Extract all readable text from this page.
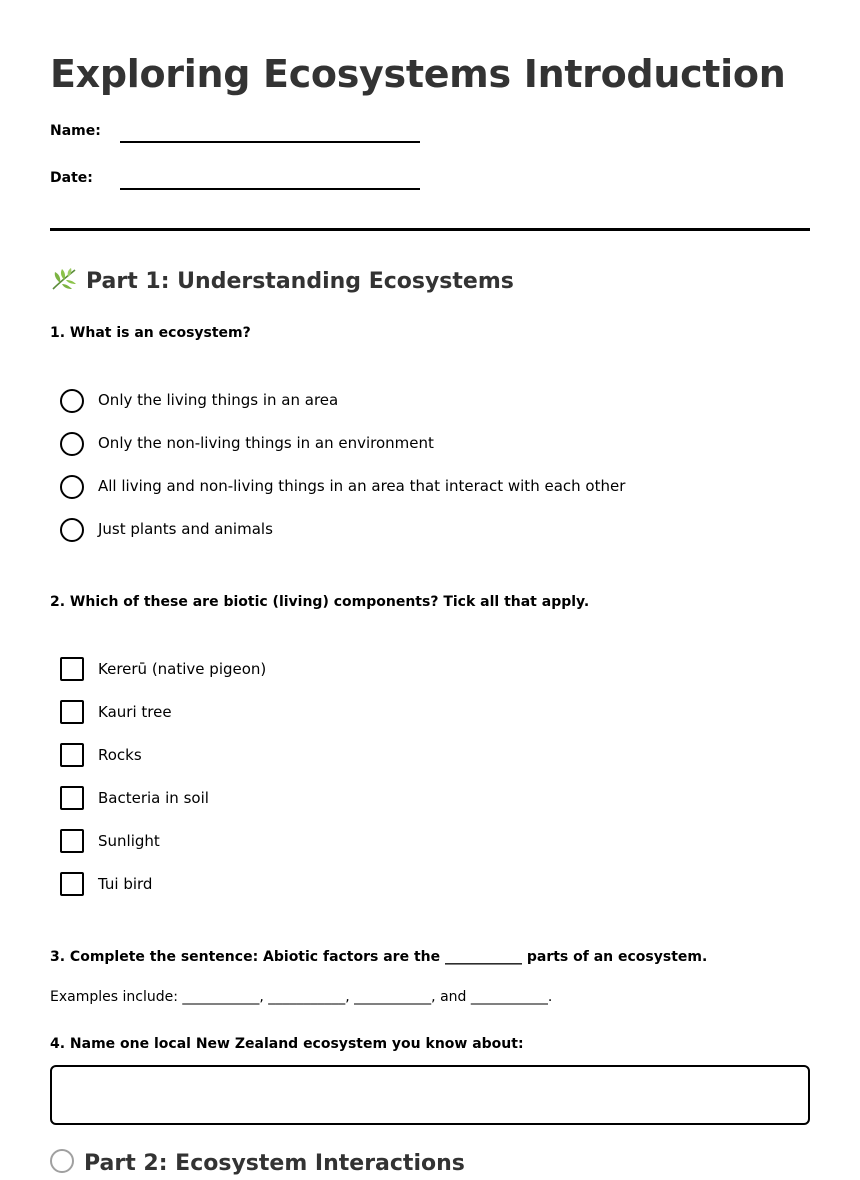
Exploring Ecosystems Introduction
Name:
Date:
Part 1: Understanding Ecosystems
1. What is an ecosystem?
Only the living things in an area
Only the non-living things in an environment
All living and non-living things in an area that interact with each other
Just plants and animals
2. Which of these are biotic (living) components? Tick all that apply.
Kererū (native pigeon)
Kauri tree
Rocks
Bacteria in soil
Sunlight
Tui bird
3. Complete the sentence: Abiotic factors are the ___________ parts of an ecosystem.
Examples include: ___________, ___________, ___________, and ___________.
4. Name one local New Zealand ecosystem you know about:
Part 2: Ecosystem Interactions
